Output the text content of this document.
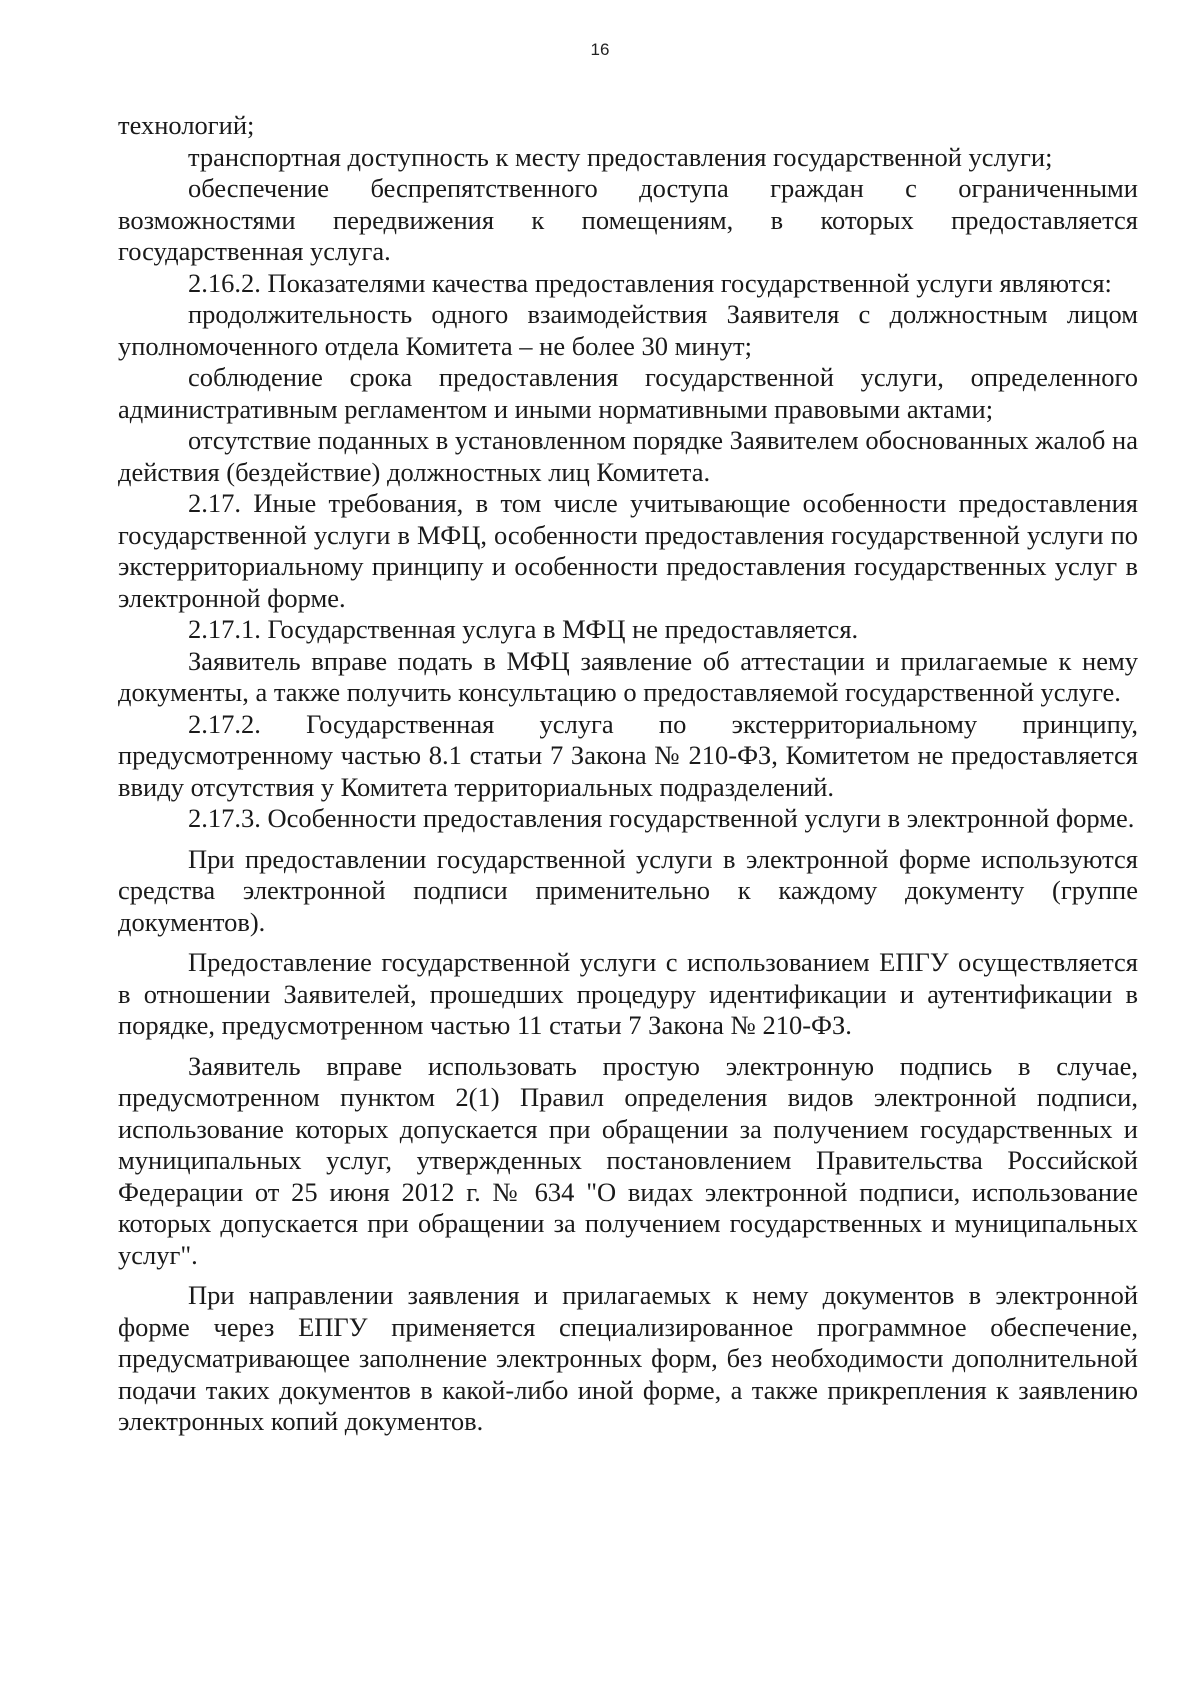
16

технологий;

транспортная доступность к месту предоставления государственной услуги;

обеспечение беспрепятственного доступа граждан с ограниченными возможностями передвижения к помещениям, в которых предоставляется государственная услуга.

2.16.2. Показателями качества предоставления государственной услуги являются:

продолжительность одного взаимодействия Заявителя с должностным лицом уполномоченного отдела Комитета – не более 30 минут;

соблюдение срока предоставления государственной услуги, определенного административным регламентом и иными нормативными правовыми актами;

отсутствие поданных в установленном порядке Заявителем обоснованных жалоб на действия (бездействие) должностных лиц Комитета.

2.17. Иные требования, в том числе учитывающие особенности предоставления государственной услуги в МФЦ, особенности предоставления государственной услуги по экстерриториальному принципу и особенности предоставления государственных услуг в электронной форме.

2.17.1. Государственная услуга в МФЦ не предоставляется.

Заявитель вправе подать в МФЦ заявление об аттестации и прилагаемые к нему документы, а также получить консультацию о предоставляемой государственной услуге.

2.17.2. Государственная услуга по экстерриториальному принципу, предусмотренному частью 8.1 статьи 7 Закона № 210-ФЗ, Комитетом не предоставляется ввиду отсутствия у Комитета территориальных подразделений.

2.17.3. Особенности предоставления государственной услуги в электронной форме.

При предоставлении государственной услуги в электронной форме используются средства электронной подписи применительно к каждому документу (группе документов).

Предоставление государственной услуги с использованием ЕПГУ осуществляется в отношении Заявителей, прошедших процедуру идентификации и аутентификации в порядке, предусмотренном частью 11 статьи 7 Закона № 210-ФЗ.

Заявитель вправе использовать простую электронную подпись в случае, предусмотренном пунктом 2(1) Правил определения видов электронной подписи, использование которых допускается при обращении за получением государственных и муниципальных услуг, утвержденных постановлением Правительства Российской Федерации от 25 июня 2012 г. № 634 "О видах электронной подписи, использование которых допускается при обращении за получением государственных и муниципальных услуг".

При направлении заявления и прилагаемых к нему документов в электронной форме через ЕПГУ применяется специализированное программное обеспечение, предусматривающее заполнение электронных форм, без необходимости дополнительной подачи таких документов в какой-либо иной форме, а также прикрепления к заявлению электронных копий документов.
